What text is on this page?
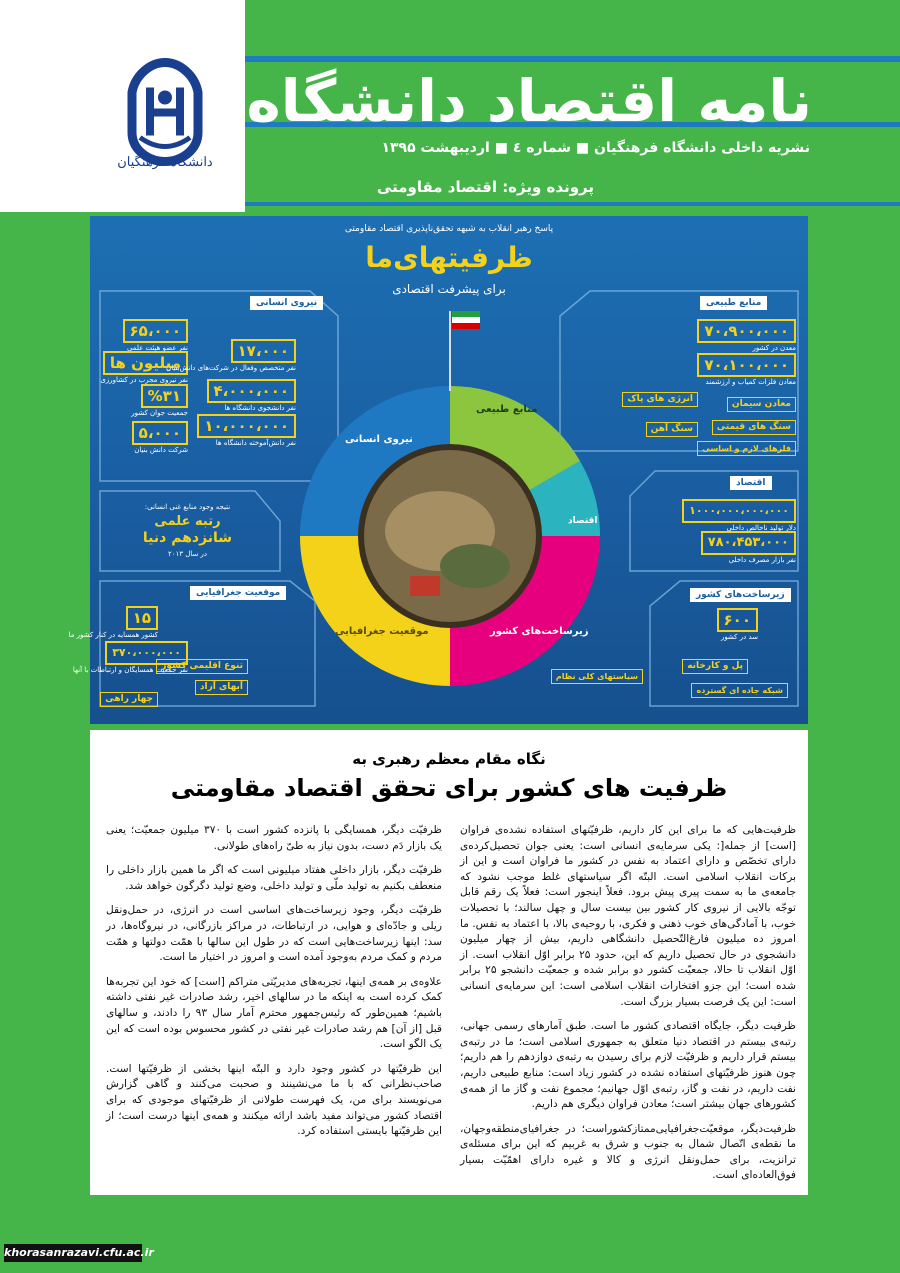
دانشگاه فرهنگیان
نامه اقتصاد دانشگاه
نشریه داخلی دانشگاه فرهنگیان ■ شماره ٤ ■ اردیبهشت ۱۳۹۵
پرونده ویژه: اقتصاد مقاومتی
پاسخ رهبر انقلاب به شبهه تحقق‌ناپذیری اقتصاد مقاومتی
ظرفیتهای‌ما
برای پیشرفت اقتصادی
منابع طبیعی
نیروی انسانی
اقتصاد
زیرساخت‌های کشور
موقعیت جغرافیایی
نیروی انسانی
۶۵،۰۰۰
نفر عضو هیئت علمی
میلیون ها
نفر نیروی مجرب در کشاورزی
%۳۱
جمعیت جوان کشور
۵،۰۰۰
شرکت دانش بنیان
۱۷،۰۰۰
نفر متخصص وفعال در شرکت‌های دانش‌بنیان
۴،۰۰۰،۰۰۰
نفر دانشجوی دانشگاه ها
۱۰،۰۰۰،۰۰۰
نفر دانش‌آموخته دانشگاه ها
نتیجه وجود منابع غنی انسانی:
رتبه علمی
شانزدهم دنیا
در سال ۲۰۱۳
موقعیت جغرافیایی
۱۵
کشور همسایه در کنار کشور ما
۳۷۰،۰۰۰،۰۰۰
نفر جمعیت همسایگان و ارتباطات با آنها
تنوع اقلیمی کشور
آبهای آزاد
چهار راهی
منابع طبیعی
۷۰،۹۰۰،۰۰۰
معدن در کشور
۷۰،۱۰۰،۰۰۰
معادن فلزات کمیاب و ارزشمند
معادن سیمان
سنگ های قیمتی
فلزهای لازم و اساسی
انرژی های پاک
سنگ آهن
اقتصاد
۱۰۰۰،۰۰۰،۰۰۰،۰۰۰
دلار تولید ناخالص داخلی
۷۸۰،۴۵۳،۰۰۰
نفر بازار مصرف داخلی
زیرساخت‌های کشور
۶۰۰
سد در کشور
پل و کارخانه
شبکه جاده ای گسترده
سیاستهای کلی نظام
نگاه مقام معظم رهبری به
ظرفیت های کشور برای تحقق اقتصاد مقاومتی

ظرفیت‌هایی که ما برای این کار داریم، ظرفیّتهای استفاده نشده‌ی فراوان [است] از جمله‌[: یکی سرمایه‌ی انسانی است: یعنی جوان تحصیل‌کرده‌ی دارای تخصّص و دارای اعتماد به نفس در کشور ما فراوان است و این از برکات انقلاب اسلامی است. البتّه اگر سیاستهای غلط موجب نشود که جامعه‌ی ما به سمت پیری پیش برود. فعلاً اینجور است: فعلاً یک رقم قابل توجّه بالایی از نیروی کار کشور بین بیست سال و چهل سالند؛ با تحصیلات خوب، با آمادگی‌های خوب ذهنی و فکری، با روحیه‌ی بالا، با اعتماد به نفس. ما امروز ده میلیون فارغ‌التّحصیل دانشگاهی داریم، بیش از چهار میلیون دانشجوی در حال تحصیل داریم که این، حدود ۲۵ برابر اوّل انقلاب است. از اوّل انقلاب تا حالا، جمعیّت کشور دو برابر شده و جمعیّت دانشجو ۲۵ برابر شده است؛ این جزو افتخارات انقلاب اسلامی است: این سرمایه‌ی انسانی است: این یک فرصت بسیار بزرگ است.

ظرفیت دیگر، جایگاه اقتصادی کشور ما است. طبق آمارهای رسمی جهانی، رتبه‌ی بیستم در اقتصاد دنیا متعلق به جمهوری اسلامی است؛ ما در رتبه‌ی بیستم قرار داریم و ظرفیّت لازم برای رسیدن به رتبه‌ی دوازدهم را هم داریم؛ چون هنوز ظرفیّتهای استفاده نشده در کشور زیاد است: منابع طبیعی داریم، نفت داریم، در نفت و گاز، رتبه‌ی اوّل جهانیم؛ مجموع نفت و گاز ما از همه‌ی کشورهای جهان بیشتر است؛ معادن فراوان دیگری هم داریم.

ظرفیت‌دیگر، موقعیّت‌جغرافیایی‌ممتاز‌کشوراست؛ در جغرافیای‌منطقه‌و‌جهان، ما نقطه‌ی اتّصال شمال به جنوب و شرق به غربیم که این برای مسئله‌ی ترانزیت، برای حمل‌ونقل انرژی و کالا و غیره دارای اهمّیّت بسیار فوق‌العاده‌ای است.

ظرفیّت دیگر، همسایگی با پانزده کشور است با ۳۷۰ میلیون جمعیّت؛ یعنی یک بازار دَم دست، بدون نیاز به طیّ راه‌های طولانی.

ظرفیّت دیگر، بازار داخلی هفتاد میلیونی است که اگر ما همین بازار داخلی را منعطف بکنیم به تولید ملّی و تولید داخلی، وضع تولید دگرگون خواهد شد.

ظرفیّت دیگر، وجود زیرساخت‌های اساسی است در انرژی، در حمل‌ونقل ریلی و جادّه‌ای و هوایی، در ارتباطات، در مراکز بازرگانی، در نیروگاه‌ها، در سد: اینها زیرساخت‌هایی است که در طول این سالها با همّت دولتها و همّت مردم و کمک مردم به‌وجود آمده است و امروز در اختیار ما است.

علاوه‌ی بر همه‌ی اینها، تجربه‌های مدیریّتی متراکم [است] که خود این تجربه‌ها کمک کرده است به اینکه ما در سالهای اخیر، رشد صادرات غیر نفتی داشته باشیم؛ همین‌طور که رئیس‌جمهور محترم آمار سال ۹۳ را دادند، و سالهای قبل [از آن] هم رشد صادرات غیر نفتی در کشور محسوس بوده است که این یک الگو است.

این ظرفیّتها در کشور وجود دارد و البتّه اینها بخشی از ظرفیّتها است. صاحب‌نظرانی که با ما می‌نشینند و صحبت می‌کنند و گاهی گزارش می‌نویسند برای من، یک فهرست طولانی از ظرفیّتهای موجودی که برای اقتصاد کشور می‌تواند مفید باشد ارائه میکنند و همه‌ی اینها درست است؛ از این ظرفیّتها بایستی استفاده کرد.

khorasanrazavi.cfu.ac.ir
